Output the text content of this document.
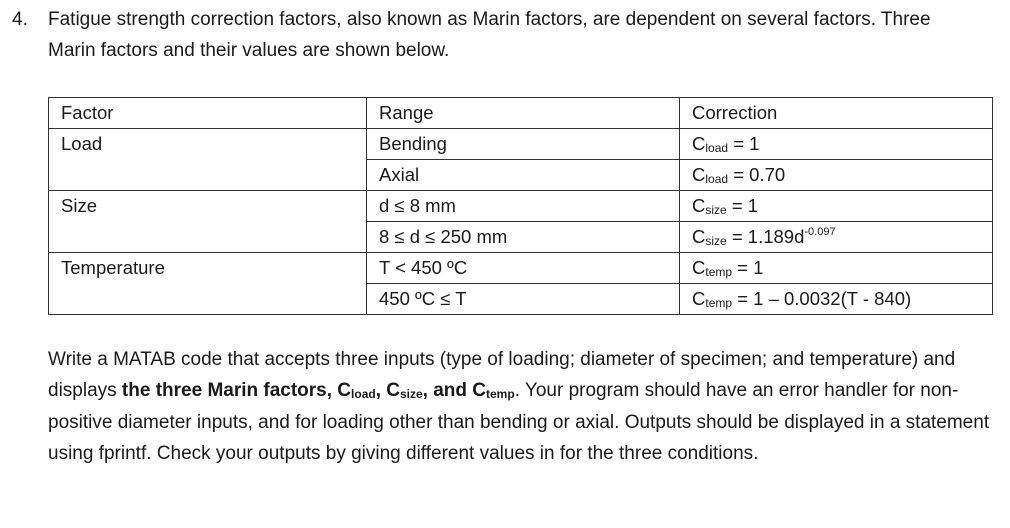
4.	Fatigue strength correction factors, also known as Marin factors, are dependent on several factors. Three Marin factors and their values are shown below.
Factor	Range	Correction
Load	Bending	$C_{load} = 1$
	Axial	$C_{load} = 0.70$
Size	d ≤ 8 mm	$C_{size} = 1$
	8 ≤ d ≤ 250 mm	$C_{size} = 1.189d^{-0.097}$
Temperature	T < 450 ºC	$C_{temp} = 1$
	450 ºC ≤ T	$C_{temp} = 1 - 0.0032(T - 840)$
Write a MATAB code that accepts three inputs (type of loading; diameter of specimen; and temperature) and displays the three Marin factors, $C_{load}$, $C_{size}$, and $C_{temp}$. Your program should have an error handler for non-positive diameter inputs, and for loading other than bending or axial. Outputs should be displayed in a statement using fprintf. Check your outputs by giving different values in for the three conditions.
